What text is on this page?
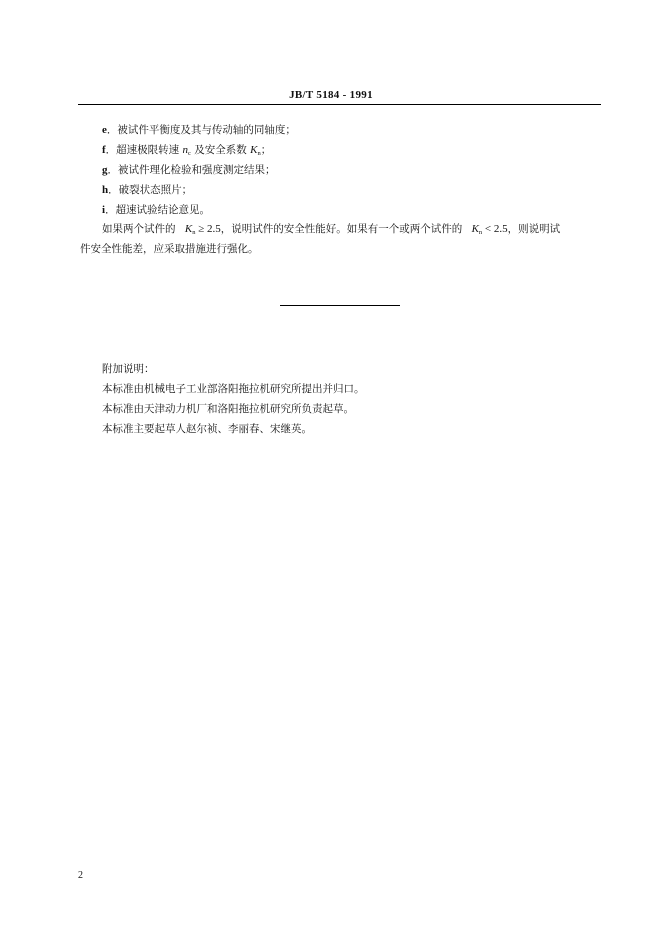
JB/T 5184 - 1991
e．被试件平衡度及其与传动轴的同轴度；
f．超速极限转速 $n_c$ 及安全系数 $K_n$；
g．被试件理化检验和强度测定结果；
h．破裂状态照片；
i．超速试验结论意见。
如果两个试件的 $K_n \ge 2.5$，说明试件的安全性能好。如果有一个或两个试件的 $K_n < 2.5$，则说明试
件安全性能差，应采取措施进行强化。
附加说明：
本标准由机械电子工业部洛阳拖拉机研究所提出并归口。
本标准由天津动力机厂和洛阳拖拉机研究所负责起草。
本标准主要起草人赵尔祯、李丽春、宋继英。
2
